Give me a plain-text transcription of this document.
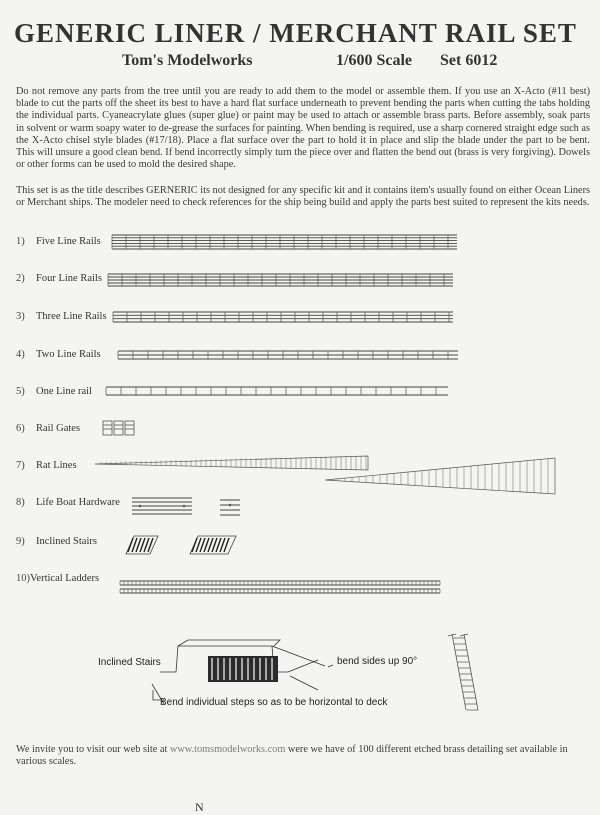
GENERIC LINER / MERCHANT RAIL SET
Tom's Modelworks	1/600 Scale Set 6012

Do not remove any parts from the tree until you are ready to add them to the model or assemble them. If you use an X-Acto (#11 best) blade to cut the parts off the sheet its best to have a hard flat surface underneath to prevent bending the parts when cutting the tabs holding the individual parts. Cyaneacrylate glues (super glue) or paint may be used to attach or assemble brass parts. Before assembly, soak parts in solvent or warm soapy water to de-grease the surfaces for painting. When bending is required, use a sharp cornered straight edge such as the X-Acto chisel style blades (#17/18). Place a flat surface over the part to hold it in place and slip the blade under the part to be bent. This will unsure a good clean bend. If bend incorrectly simply turn the piece over and flatten the bend out (brass is very forgiving). Dowels or other forms can be used to mold the desired shape.

This set is as the title describes GERNERIC its not designed for any specific kit and it contains item's usually found on either Ocean Liners or Merchant ships. The modeler need to check references for the ship being build and apply the parts best suited to represent the kits needs.

1) Five Line Rails
2) Four Line Rails
3) Three Line Rails
4) Two Line Rails
5) One Line rail
6) Rail Gates
7) Rat Lines
8) Life Boat Hardware
9) Inclined Stairs
10) Vertical Ladders
Inclined Stairs	bend sides up 90°
Bend individual steps so as to be horizontal to deck

We invite you to visit our web site at www.tomsmodelworks.com were we have of 100 different etched brass detailing set available in various scales.

N
